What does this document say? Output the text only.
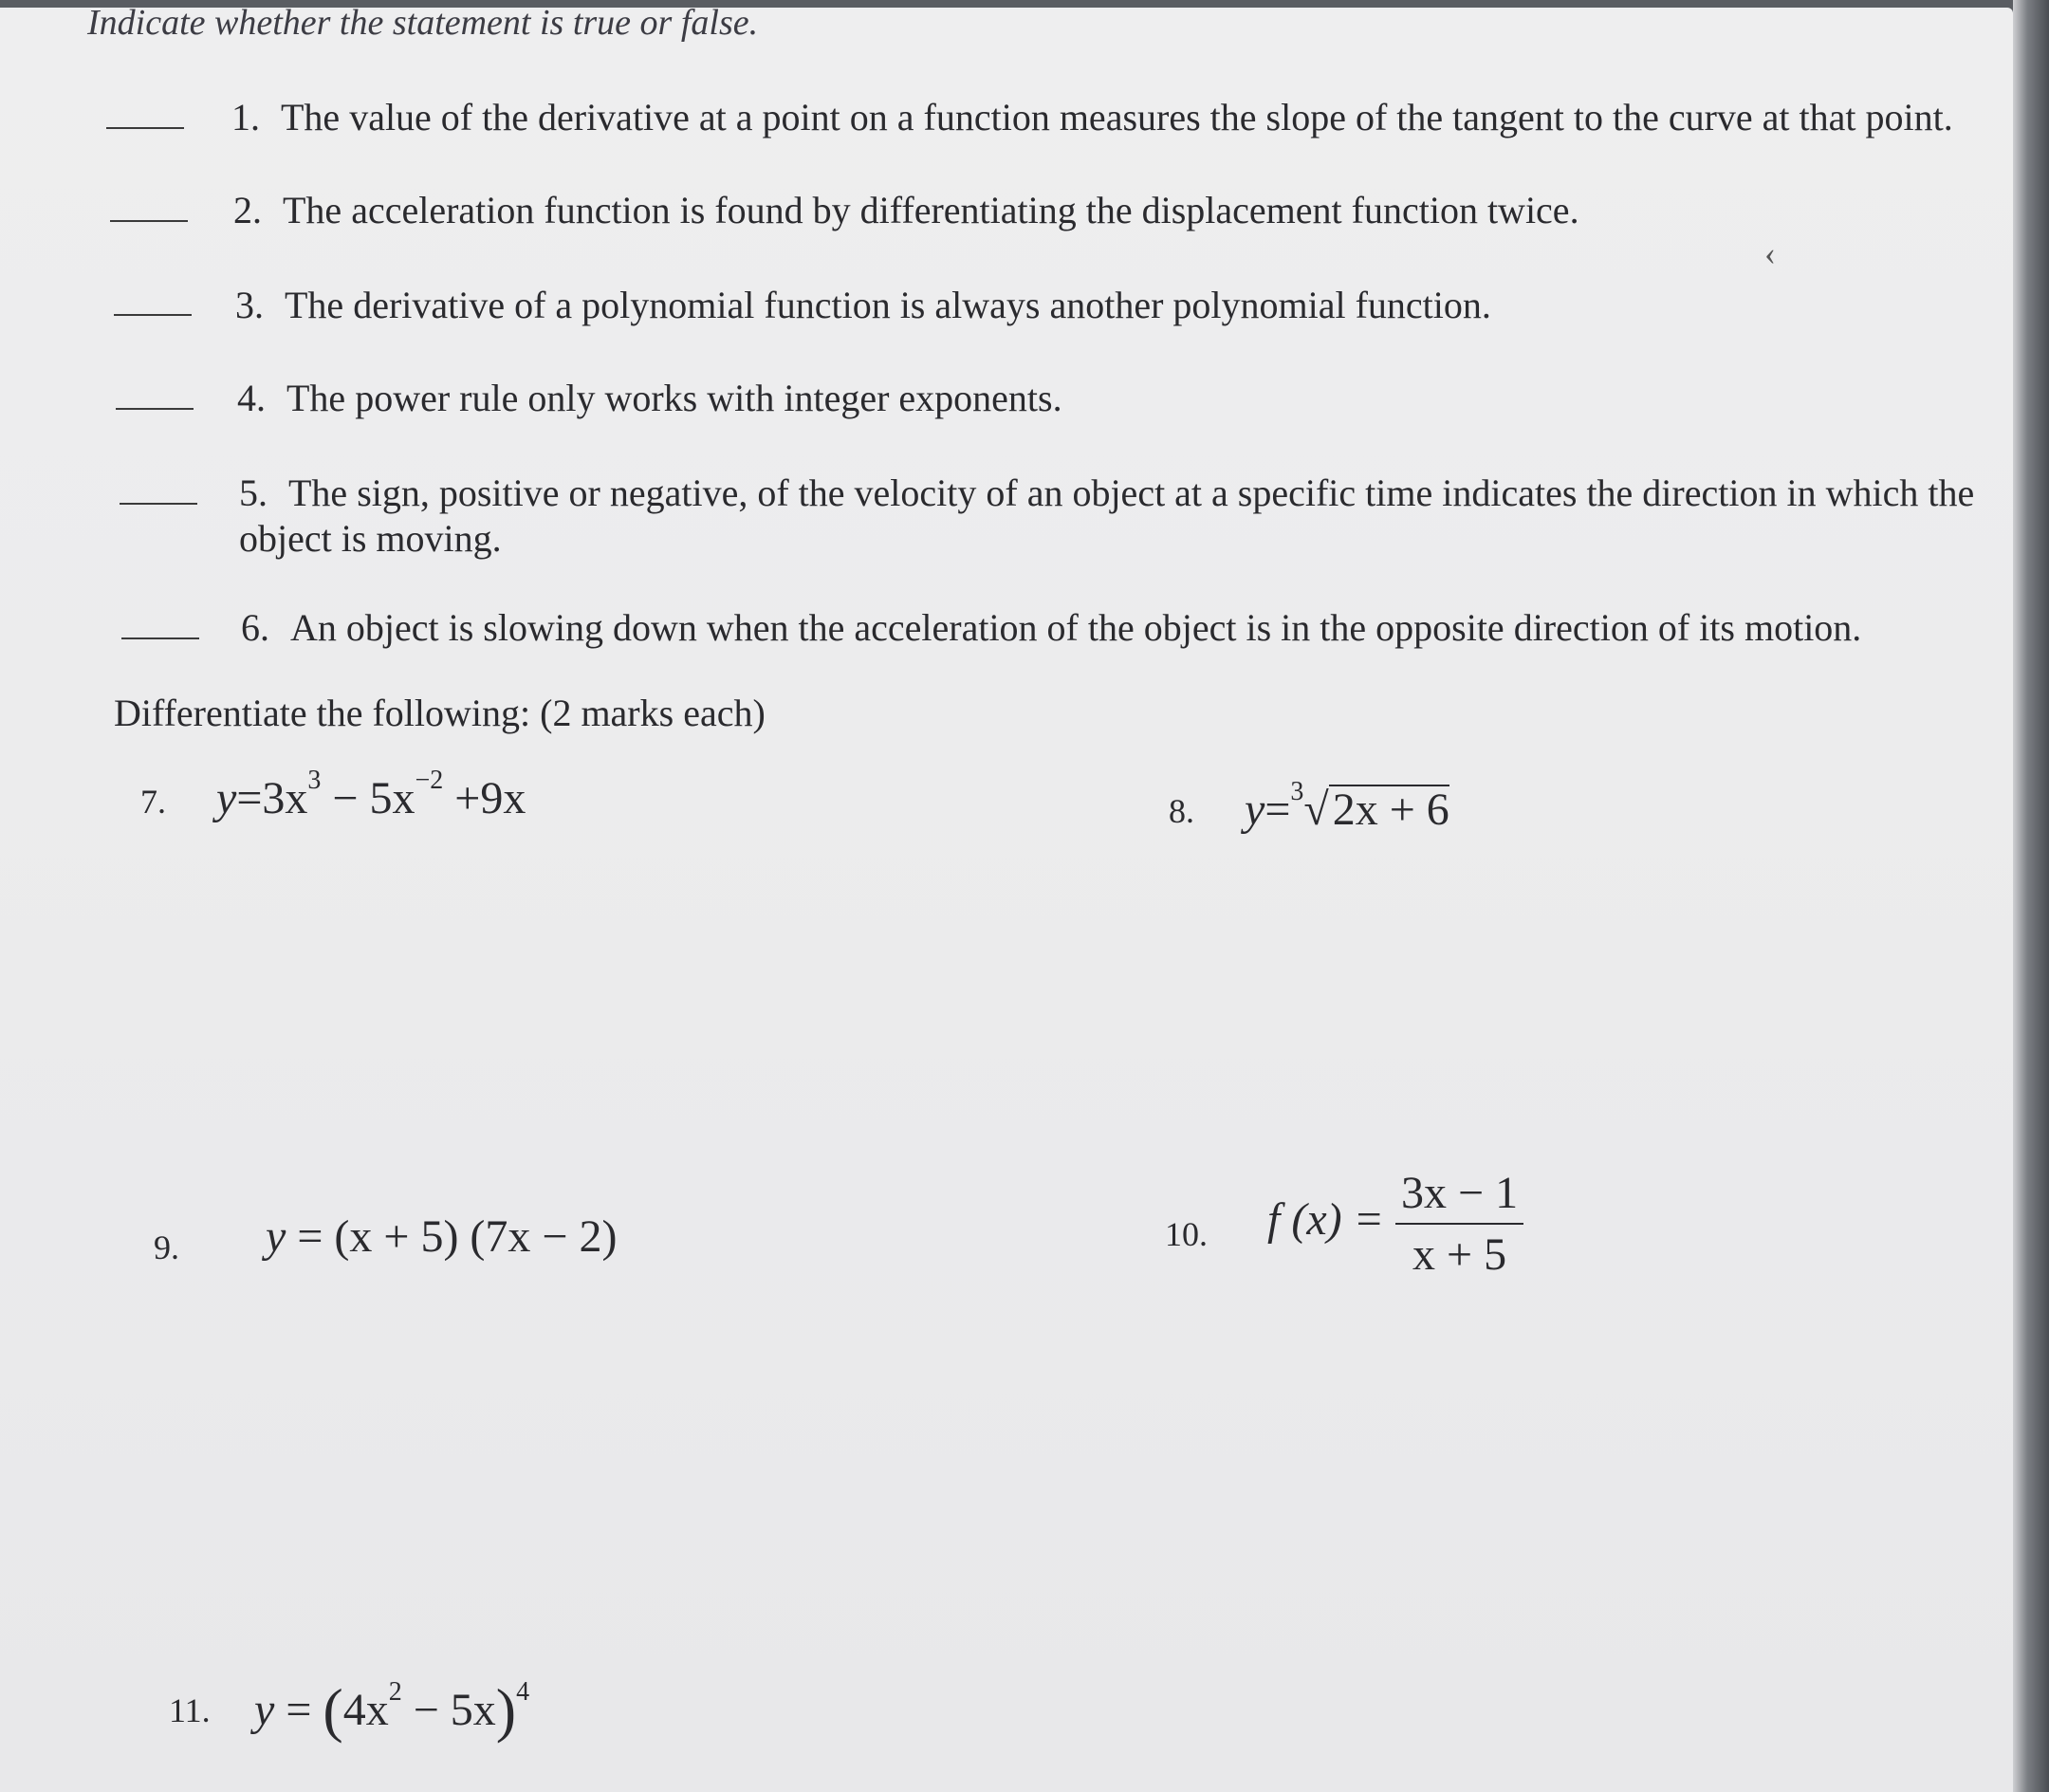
Indicate whether the statement is true or false.
1. The value of the derivative at a point on a function measures the slope of the tangent to the curve at that point.
2. The acceleration function is found by differentiating the displacement function twice.
‹
3. The derivative of a polynomial function is always another polynomial function.
4. The power rule only works with integer exponents.
5. The sign, positive or negative, of the velocity of an object at a specific time indicates the direction in which the
object is moving.
6. An object is slowing down when the acceleration of the object is in the opposite direction of its motion.
Differentiate the following: (2 marks each)
7. $y=3x^3 - 5x^{-2} +9x$	8. y=$^3$√2x + 6
9. y = (x + 5) (7x − 2)	10. f $(x) = \frac{3x - 1}{x + 5}$
11. $y = (4x^2 - 5x)^4$
